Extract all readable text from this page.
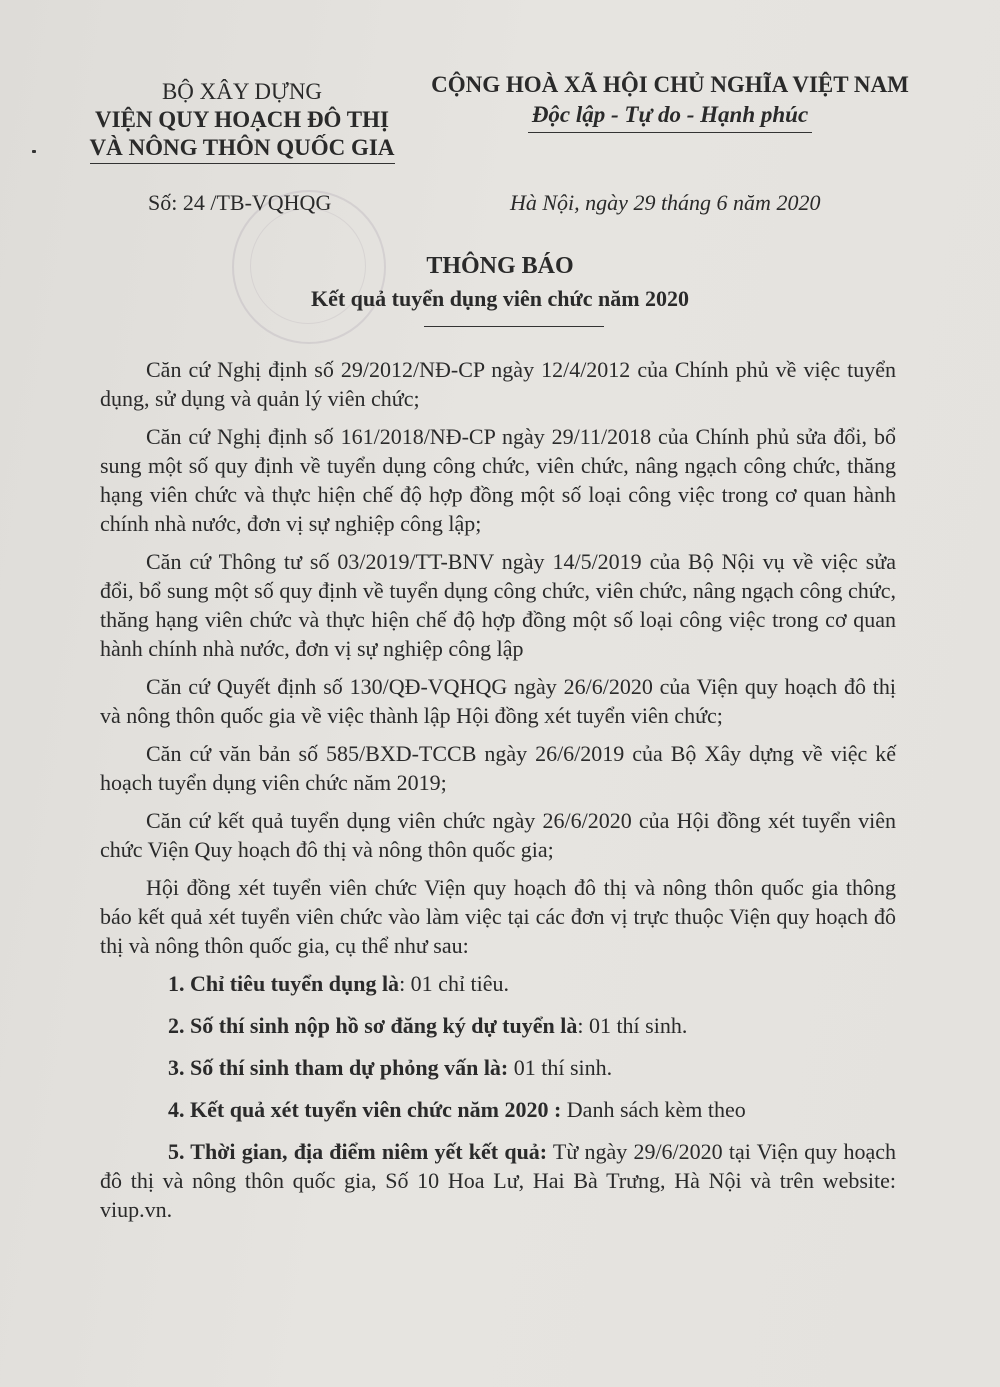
BỘ XÂY DỰNG
VIỆN QUY HOẠCH ĐÔ THỊ
VÀ NÔNG THÔN QUỐC GIA
CỘNG HOÀ XÃ HỘI CHỦ NGHĨA VIỆT NAM
Độc lập - Tự do - Hạnh phúc
Số: 24 /TB-VQHQG	Hà Nội, ngày 29 tháng 6 năm 2020
THÔNG BÁO
Kết quả tuyển dụng viên chức năm 2020

Căn cứ Nghị định số 29/2012/NĐ-CP ngày 12/4/2012 của Chính phủ về việc tuyển dụng, sử dụng và quản lý viên chức;

Căn cứ Nghị định số 161/2018/NĐ-CP ngày 29/11/2018 của Chính phủ sửa đổi, bổ sung một số quy định về tuyển dụng công chức, viên chức, nâng ngạch công chức, thăng hạng viên chức và thực hiện chế độ hợp đồng một số loại công việc trong cơ quan hành chính nhà nước, đơn vị sự nghiệp công lập;

Căn cứ Thông tư số 03/2019/TT-BNV ngày 14/5/2019 của Bộ Nội vụ về việc sửa đổi, bổ sung một số quy định về tuyển dụng công chức, viên chức, nâng ngạch công chức, thăng hạng viên chức và thực hiện chế độ hợp đồng một số loại công việc trong cơ quan hành chính nhà nước, đơn vị sự nghiệp công lập

Căn cứ Quyết định số 130/QĐ-VQHQG ngày 26/6/2020 của Viện quy hoạch đô thị và nông thôn quốc gia về việc thành lập Hội đồng xét tuyển viên chức;

Căn cứ văn bản số 585/BXD-TCCB ngày 26/6/2019 của Bộ Xây dựng về việc kế hoạch tuyển dụng viên chức năm 2019;

Căn cứ kết quả tuyển dụng viên chức ngày 26/6/2020 của Hội đồng xét tuyển viên chức Viện Quy hoạch đô thị và nông thôn quốc gia;

Hội đồng xét tuyển viên chức Viện quy hoạch đô thị và nông thôn quốc gia thông báo kết quả xét tuyển viên chức vào làm việc tại các đơn vị trực thuộc Viện quy hoạch đô thị và nông thôn quốc gia, cụ thể như sau:

1. Chỉ tiêu tuyển dụng là: 01 chỉ tiêu.
2. Số thí sinh nộp hồ sơ đăng ký dự tuyển là: 01 thí sinh.
3. Số thí sinh tham dự phỏng vấn là: 01 thí sinh.
4. Kết quả xét tuyển viên chức năm 2020 : Danh sách kèm theo
5. Thời gian, địa điểm niêm yết kết quả: Từ ngày 29/6/2020 tại Viện quy hoạch đô thị và nông thôn quốc gia, Số 10 Hoa Lư, Hai Bà Trưng, Hà Nội và trên website: viup.vn.
